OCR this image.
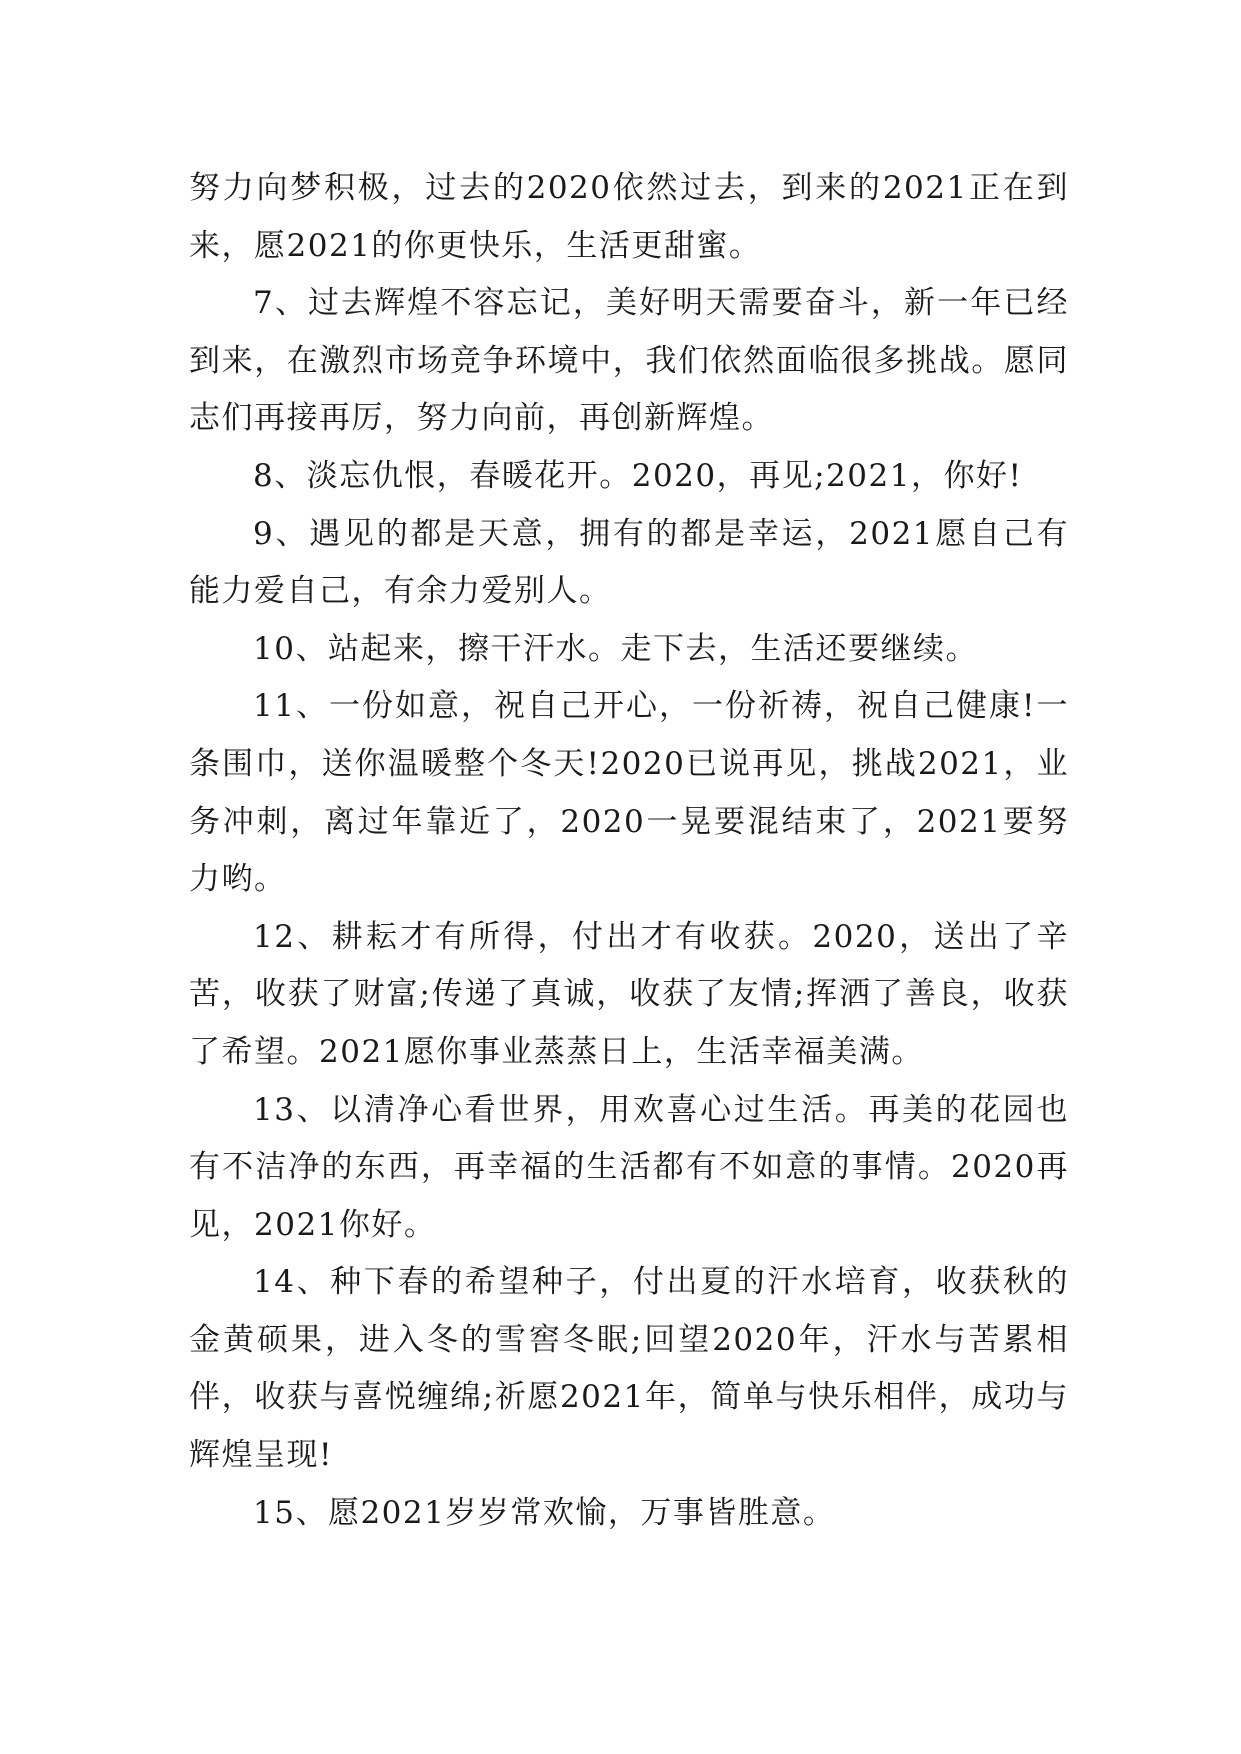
努力向梦积极，过去的2020依然过去，到来的2021正在到来，愿2021的你更快乐，生活更甜蜜。

7、过去辉煌不容忘记，美好明天需要奋斗，新一年已经到来，在激烈市场竞争环境中，我们依然面临很多挑战。愿同志们再接再厉，努力向前，再创新辉煌。

8、淡忘仇恨，春暖花开。2020，再见;2021，你好!

9、遇见的都是天意，拥有的都是幸运，2021愿自己有能力爱自己，有余力爱别人。

10、站起来，擦干汗水。走下去，生活还要继续。

11、一份如意，祝自己开心，一份祈祷，祝自己健康!一条围巾，送你温暖整个冬天!2020已说再见，挑战2021，业务冲刺，离过年靠近了，2020一晃要混结束了，2021要努力哟。

12、耕耘才有所得，付出才有收获。2020，送出了辛苦，收获了财富;传递了真诚，收获了友情;挥洒了善良，收获了希望。2021愿你事业蒸蒸日上，生活幸福美满。

13、以清净心看世界，用欢喜心过生活。再美的花园也有不洁净的东西，再幸福的生活都有不如意的事情。2020再见，2021你好。

14、种下春的希望种子，付出夏的汗水培育，收获秋的金黄硕果，进入冬的雪窖冬眠;回望2020年，汗水与苦累相伴，收获与喜悦缠绵;祈愿2021年，简单与快乐相伴，成功与辉煌呈现!

15、愿2021岁岁常欢愉，万事皆胜意。
